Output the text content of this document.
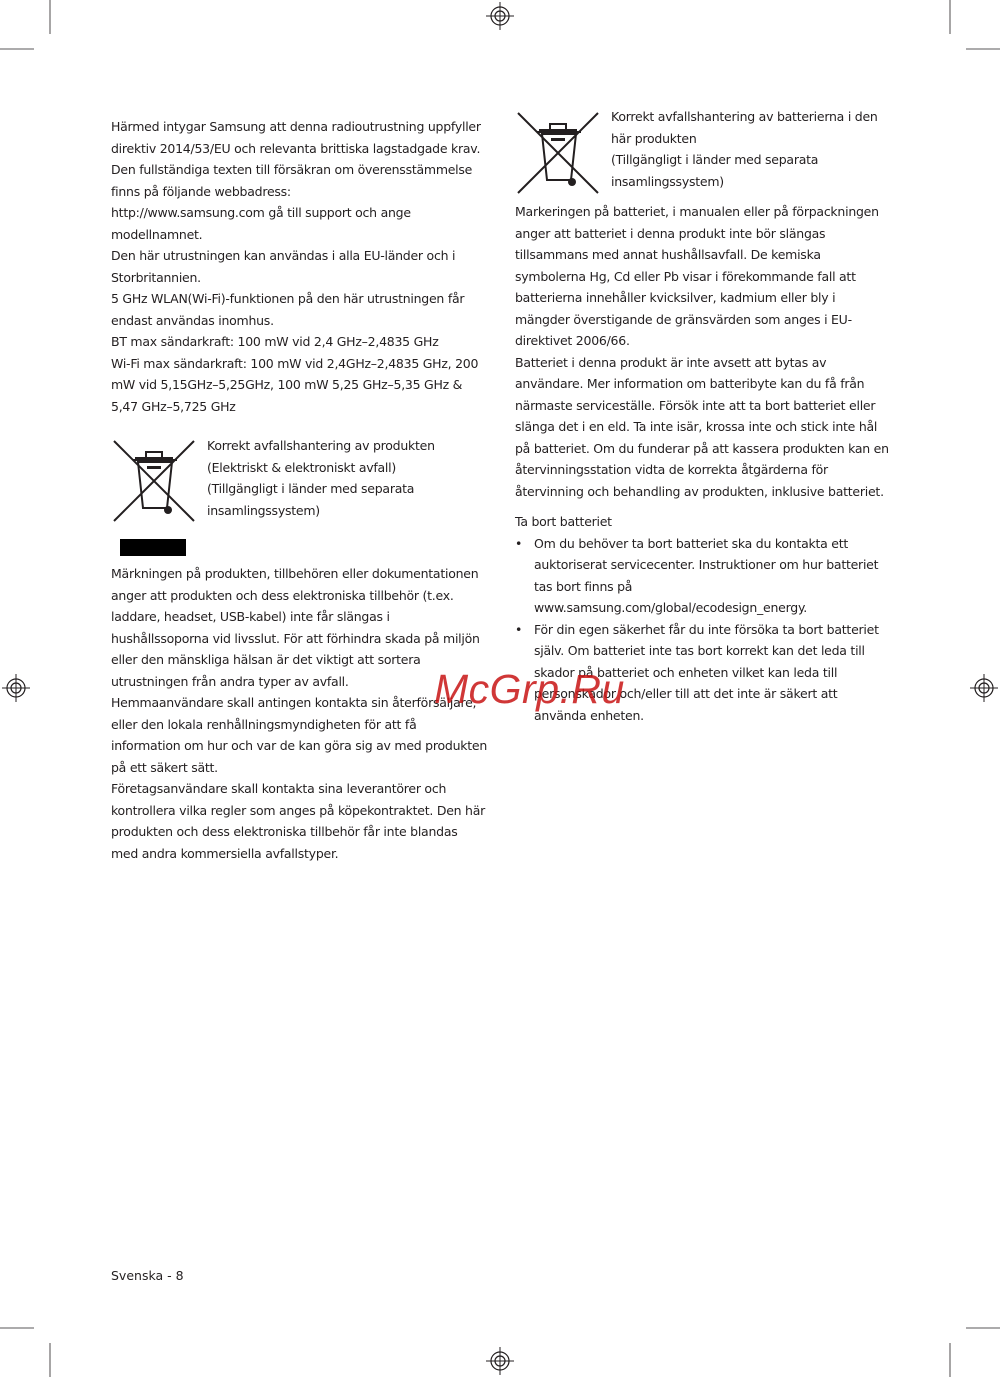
Härmed intygar Samsung att denna radioutrustning uppfyller direktiv 2014/53/EU och relevanta brittiska lagstadgade krav.

Den fullständiga texten till försäkran om överensstämmelse finns på följande webbadress:

http://www.samsung.com gå till support och ange modellnamnet.

Den här utrustningen kan användas i alla EU-länder och i Storbritannien.

5 GHz WLAN(Wi-Fi)-funktionen på den här utrustningen får endast användas inomhus.

BT max sändarkraft: 100 mW vid 2,4 GHz–2,4835 GHz

Wi-Fi max sändarkraft: 100 mW vid 2,4GHz–2,4835 GHz, 200 mW vid 5,15GHz–5,25GHz, 100 mW 5,25 GHz–5,35 GHz & 5,47 GHz–5,725 GHz

Korrekt avfallshantering av produkten
(Elektriskt & elektroniskt avfall)
(Tillgängligt i länder med separata insamlingssystem)

Märkningen på produkten, tillbehören eller dokumentationen anger att produkten och dess elektroniska tillbehör (t.ex. laddare, headset, USB-kabel) inte får slängas i hushållssoporna vid livsslut. För att förhindra skada på miljön eller den mänskliga hälsan är det viktigt att sortera utrustningen från andra typer av avfall.

Hemmaanvändare skall antingen kontakta sin återförsäljare, eller den lokala renhållningsmyndigheten för att få information om hur och var de kan göra sig av med produkten på ett säkert sätt.

Företagsanvändare skall kontakta sina leverantörer och kontrollera vilka regler som anges på köpekontraktet. Den här produkten och dess elektroniska tillbehör får inte blandas med andra kommersiella avfallstyper.

Korrekt avfallshantering av batterierna i den här produkten
(Tillgängligt i länder med separata insamlingssystem)

Markeringen på batteriet, i manualen eller på förpackningen anger att batteriet i denna produkt inte bör slängas tillsammans med annat hushållsavfall. De kemiska symbolerna Hg, Cd eller Pb visar i förekommande fall att batterierna innehåller kvicksilver, kadmium eller bly i mängder överstigande de gränsvärden som anges i EU-direktivet 2006/66.

Batteriet i denna produkt är inte avsett att bytas av användare. Mer information om batteribyte kan du få från närmaste serviceställe. Försök inte att ta bort batteriet eller slänga det i en eld. Ta inte isär, krossa inte och stick inte hål på batteriet. Om du funderar på att kassera produkten kan en återvinningsstation vidta de korrekta åtgärderna för återvinning och behandling av produkten, inklusive batteriet.

Ta bort batteriet

• Om du behöver ta bort batteriet ska du kontakta ett auktoriserat servicecenter. Instruktioner om hur batteriet tas bort finns på www.samsung.com/global/ecodesign_energy.
• För din egen säkerhet får du inte försöka ta bort batteriet själv. Om batteriet inte tas bort korrekt kan det leda till skador på batteriet och enheten vilket kan leda till personskador och/eller till att det inte är säkert att använda enheten.
McGrp.Ru
Svenska - 8
